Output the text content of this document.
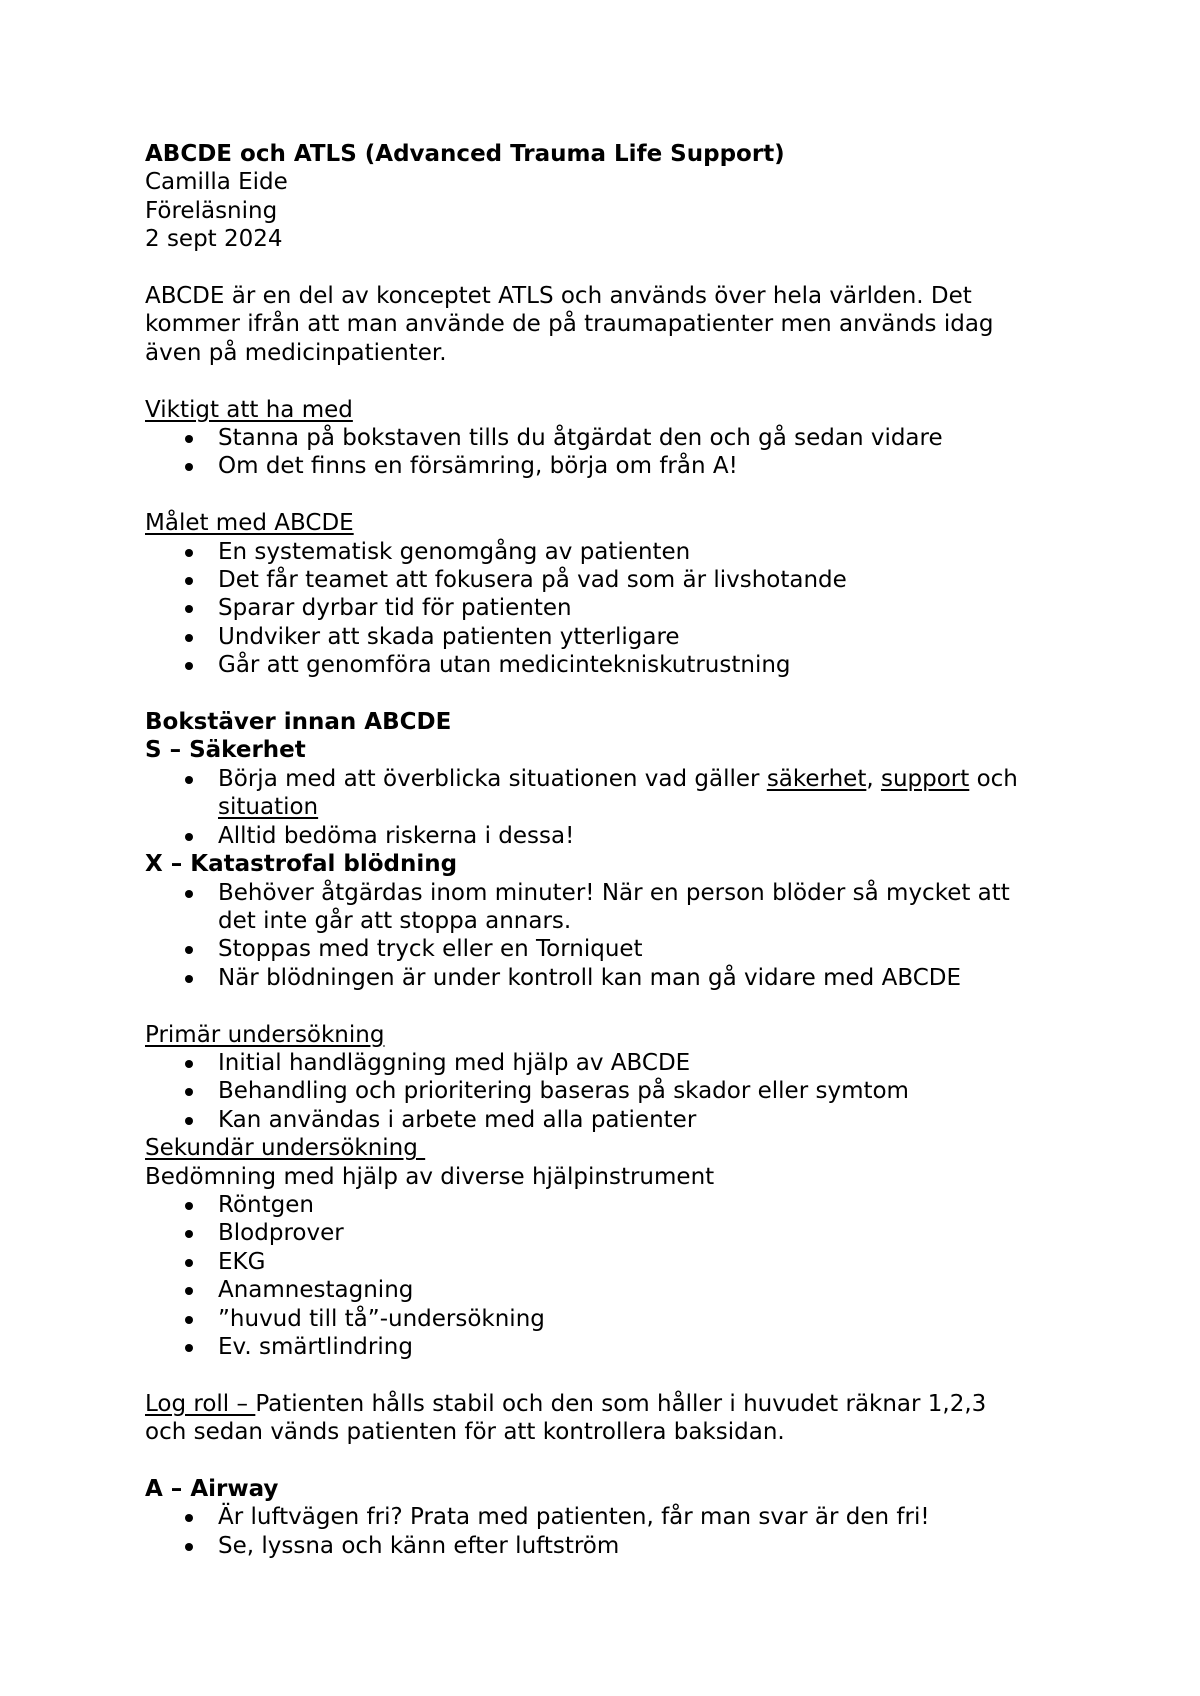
ABCDE och ATLS (Advanced Trauma Life Support)

Camilla Eide

Föreläsning

2 sept 2024

ABCDE är en del av konceptet ATLS och används över hela världen. Det

kommer ifrån att man använde de på traumapatienter men används idag

även på medicinpatienter.

Viktigt att ha med

Stanna på bokstaven tills du åtgärdat den och gå sedan vidare
Om det finns en försämring, börja om från A!

Målet med ABCDE

En systematisk genomgång av patienten
Det får teamet att fokusera på vad som är livshotande
Sparar dyrbar tid för patienten
Undviker att skada patienten ytterligare
Går att genomföra utan medicintekniskutrustning

Bokstäver innan ABCDE

S – Säkerhet

Börja med att överblicka situationen vad gäller säkerhet, support och
situation
Alltid bedöma riskerna i dessa!

X – Katastrofal blödning

Behöver åtgärdas inom minuter! När en person blöder så mycket att
det inte går att stoppa annars.
Stoppas med tryck eller en Torniquet
När blödningen är under kontroll kan man gå vidare med ABCDE

Primär undersökning

Initial handläggning med hjälp av ABCDE
Behandling och prioritering baseras på skador eller symtom
Kan användas i arbete med alla patienter

Sekundär undersökning

Bedömning med hjälp av diverse hjälpinstrument

Röntgen
Blodprover
EKG
Anamnestagning
”huvud till tå”-undersökning
Ev. smärtlindring

Log roll – Patienten hålls stabil och den som håller i huvudet räknar 1,2,3

och sedan vänds patienten för att kontrollera baksidan.

A – Airway

Är luftvägen fri? Prata med patienten, får man svar är den fri!
Se, lyssna och känn efter luftström
